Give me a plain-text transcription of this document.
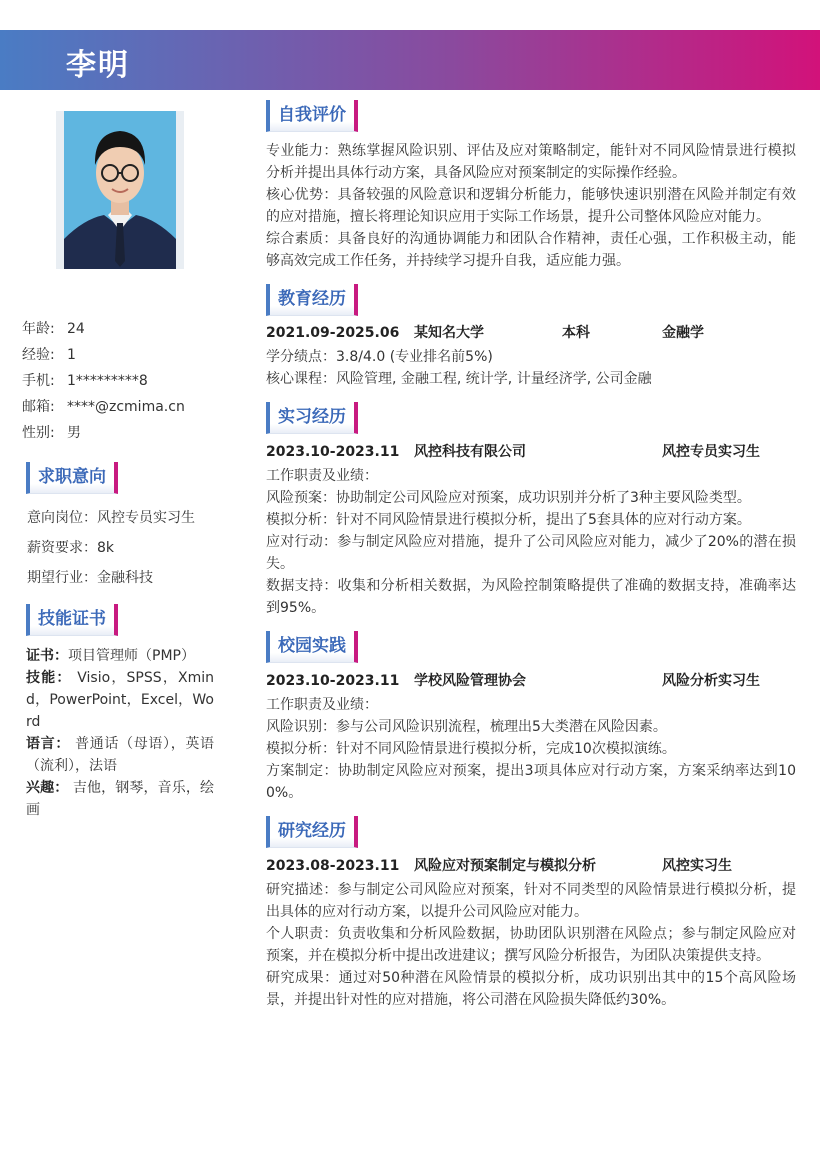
李明
年龄: 24
经验: 1
手机: 1*********8
邮箱: ****@zcmima.cn
性别: 男
求职意向
意向岗位：风控专员实习生
薪资要求：8k
期望行业：金融科技
技能证书
证书：项目管理师（PMP）
技能： Visio，SPSS，Xmind，PowerPoint，Excel，Word
语言： 普通话（母语），英语（流利），法语
兴趣： 吉他，钢琴，音乐，绘画
自我评价

专业能力：熟练掌握风险识别、评估及应对策略制定，能针对不同风险情景进行模拟分析并提出具体行动方案，具备风险应对预案制定的实际操作经验。

核心优势：具备较强的风险意识和逻辑分析能力，能够快速识别潜在风险并制定有效的应对措施，擅长将理论知识应用于实际工作场景，提升公司整体风险应对能力。

综合素质：具备良好的沟通协调能力和团队合作精神，责任心强，工作积极主动，能够高效完成工作任务，并持续学习提升自我，适应能力强。

教育经历
2021.09-2025.06 某知名大学	本科	金融学

学分绩点：3.8/4.0 (专业排名前5%)

核心课程：风险管理, 金融工程, 统计学, 计量经济学, 公司金融

实习经历
2023.10-2023.11 风控科技有限公司	风控专员实习生

工作职责及业绩：

风险预案：协助制定公司风险应对预案，成功识别并分析了3种主要风险类型。

模拟分析：针对不同风险情景进行模拟分析，提出了5套具体的应对行动方案。

应对行动：参与制定风险应对措施，提升了公司风险应对能力，减少了20%的潜在损失。

数据支持：收集和分析相关数据，为风险控制策略提供了准确的数据支持，准确率达到95%。

校园实践
2023.10-2023.11 学校风险管理协会	风险分析实习生

工作职责及业绩：

风险识别：参与公司风险识别流程，梳理出5大类潜在风险因素。

模拟分析：针对不同风险情景进行模拟分析，完成10次模拟演练。

方案制定：协助制定风险应对预案，提出3项具体应对行动方案，方案采纳率达到100%。

研究经历
2023.08-2023.11 风险应对预案制定与模拟分析	风控实习生

研究描述：参与制定公司风险应对预案，针对不同类型的风险情景进行模拟分析，提出具体的应对行动方案，以提升公司风险应对能力。

个人职责：负责收集和分析风险数据，协助团队识别潜在风险点；参与制定风险应对预案，并在模拟分析中提出改进建议；撰写风险分析报告，为团队决策提供支持。

研究成果：通过对50种潜在风险情景的模拟分析，成功识别出其中的15个高风险场景，并提出针对性的应对措施，将公司潜在风险损失降低约30%。
